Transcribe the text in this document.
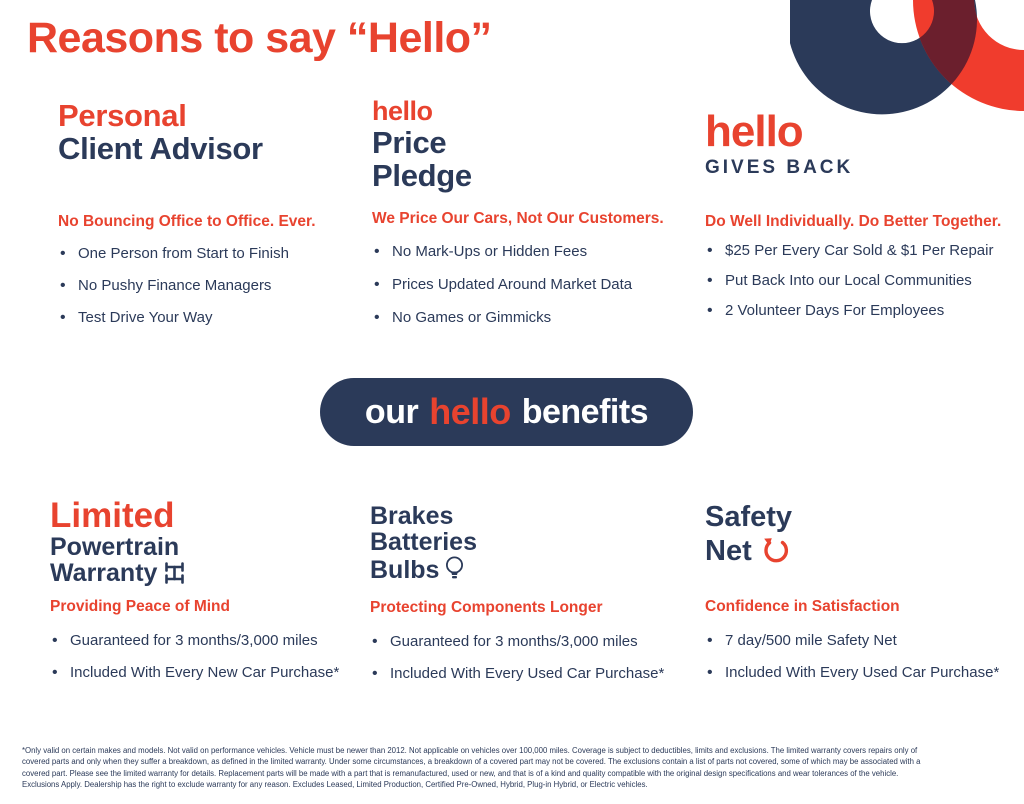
Reasons to say “Hello”
Personal
Client Advisor
No Bouncing Office to Office. Ever.
•
One Person from Start to Finish
•
No Pushy Finance Managers
•
Test Drive Your Way
hello
Price
Pledge
We Price Our Cars, Not Our Customers.
•
No Mark-Ups or Hidden Fees
•
Prices Updated Around Market Data
•
No Games or Gimmicks
hello
GIVES BACK
Do Well Individually. Do Better Together.
•
$25 Per Every Car Sold & $1 Per Repair
•
Put Back Into our Local Communities
•
2 Volunteer Days For Employees
our hello benefits
Limited
Powertrain
Warranty
Providing Peace of Mind
•
Guaranteed for 3 months/3,000 miles
•
Included With Every New Car Purchase*
Brakes
Batteries
Bulbs
Protecting Components Longer
•
Guaranteed for 3 months/3,000 miles
•
Included With Every Used Car Purchase*
Safety
Net
Confidence in Satisfaction
•
7 day/500 mile Safety Net
•
Included With Every Used Car Purchase*
*Only valid on certain makes and models. Not valid on performance vehicles. Vehicle must be newer than 2012. Not applicable on vehicles over 100,000 miles. Coverage is subject to deductibles, limits and exclusions. The limited warranty covers repairs only of
covered parts and only when they suffer a breakdown, as defined in the limited warranty. Under some circumstances, a breakdown of a covered part may not be covered. The exclusions contain a list of parts not covered, some of which may be associated with a
covered part. Please see the limited warranty for details. Replacement parts will be made with a part that is remanufactured, used or new, and that is of a kind and quality compatible with the original design specifications and wear tolerances of the vehicle.
Exclusions Apply. Dealership has the right to exclude warranty for any reason. Excludes Leased, Limited Production, Certified Pre-Owned, Hybrid, Plug-in Hybrid, or Electric vehicles.
